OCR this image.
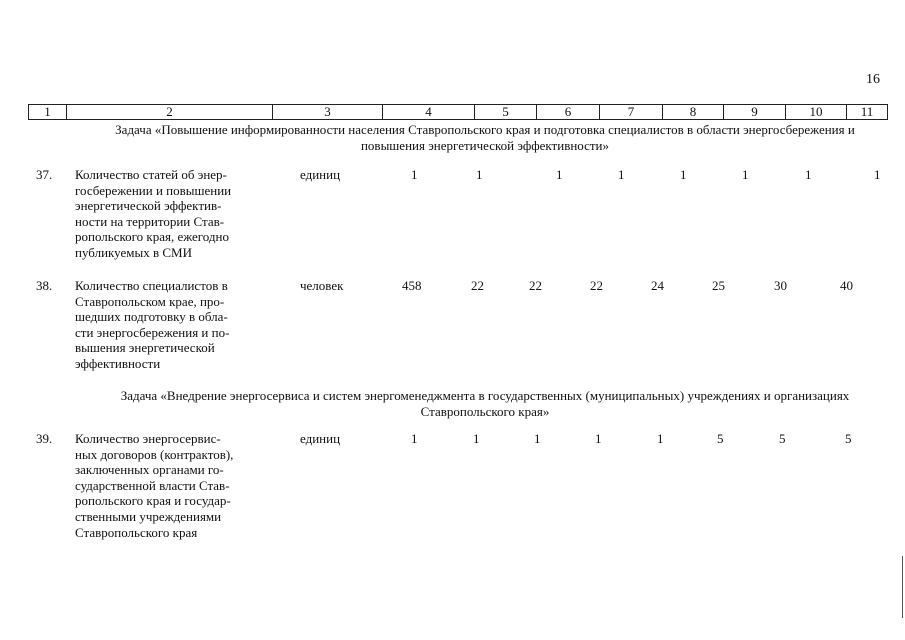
16
1	2	3	4	5	6	7	8	9	10	11
Задача «Повышение информированности населения Ставропольского края и подготовка специалистов в области энергосбережения и повышения энергетической эффективности»
37. Количество статей об энер-
госбережении и повышении
энергетической эффектив-
ности на территории Став-
ропольского края, ежегодно
публикуемых в СМИ
единиц	1	1	1	1	1	1	1	1
38. Количество специалистов в
Ставропольском крае, про-
шедших подготовку в обла-
сти энергосбережения и по-
вышения энергетической
эффективности
человек	458	22	22	22	24	25	30	40
Задача «Внедрение энергосервиса и систем энергоменеджмента в государственных (муниципальных) учреждениях и организациях Ставропольского края»
39. Количество энергосервис-
ных договоров (контрактов),
заключенных органами го-
сударственной власти Став-
ропольского края и государ-
ственными учреждениями
Ставропольского края
единиц	1	1	1	1	1	5	5	5
